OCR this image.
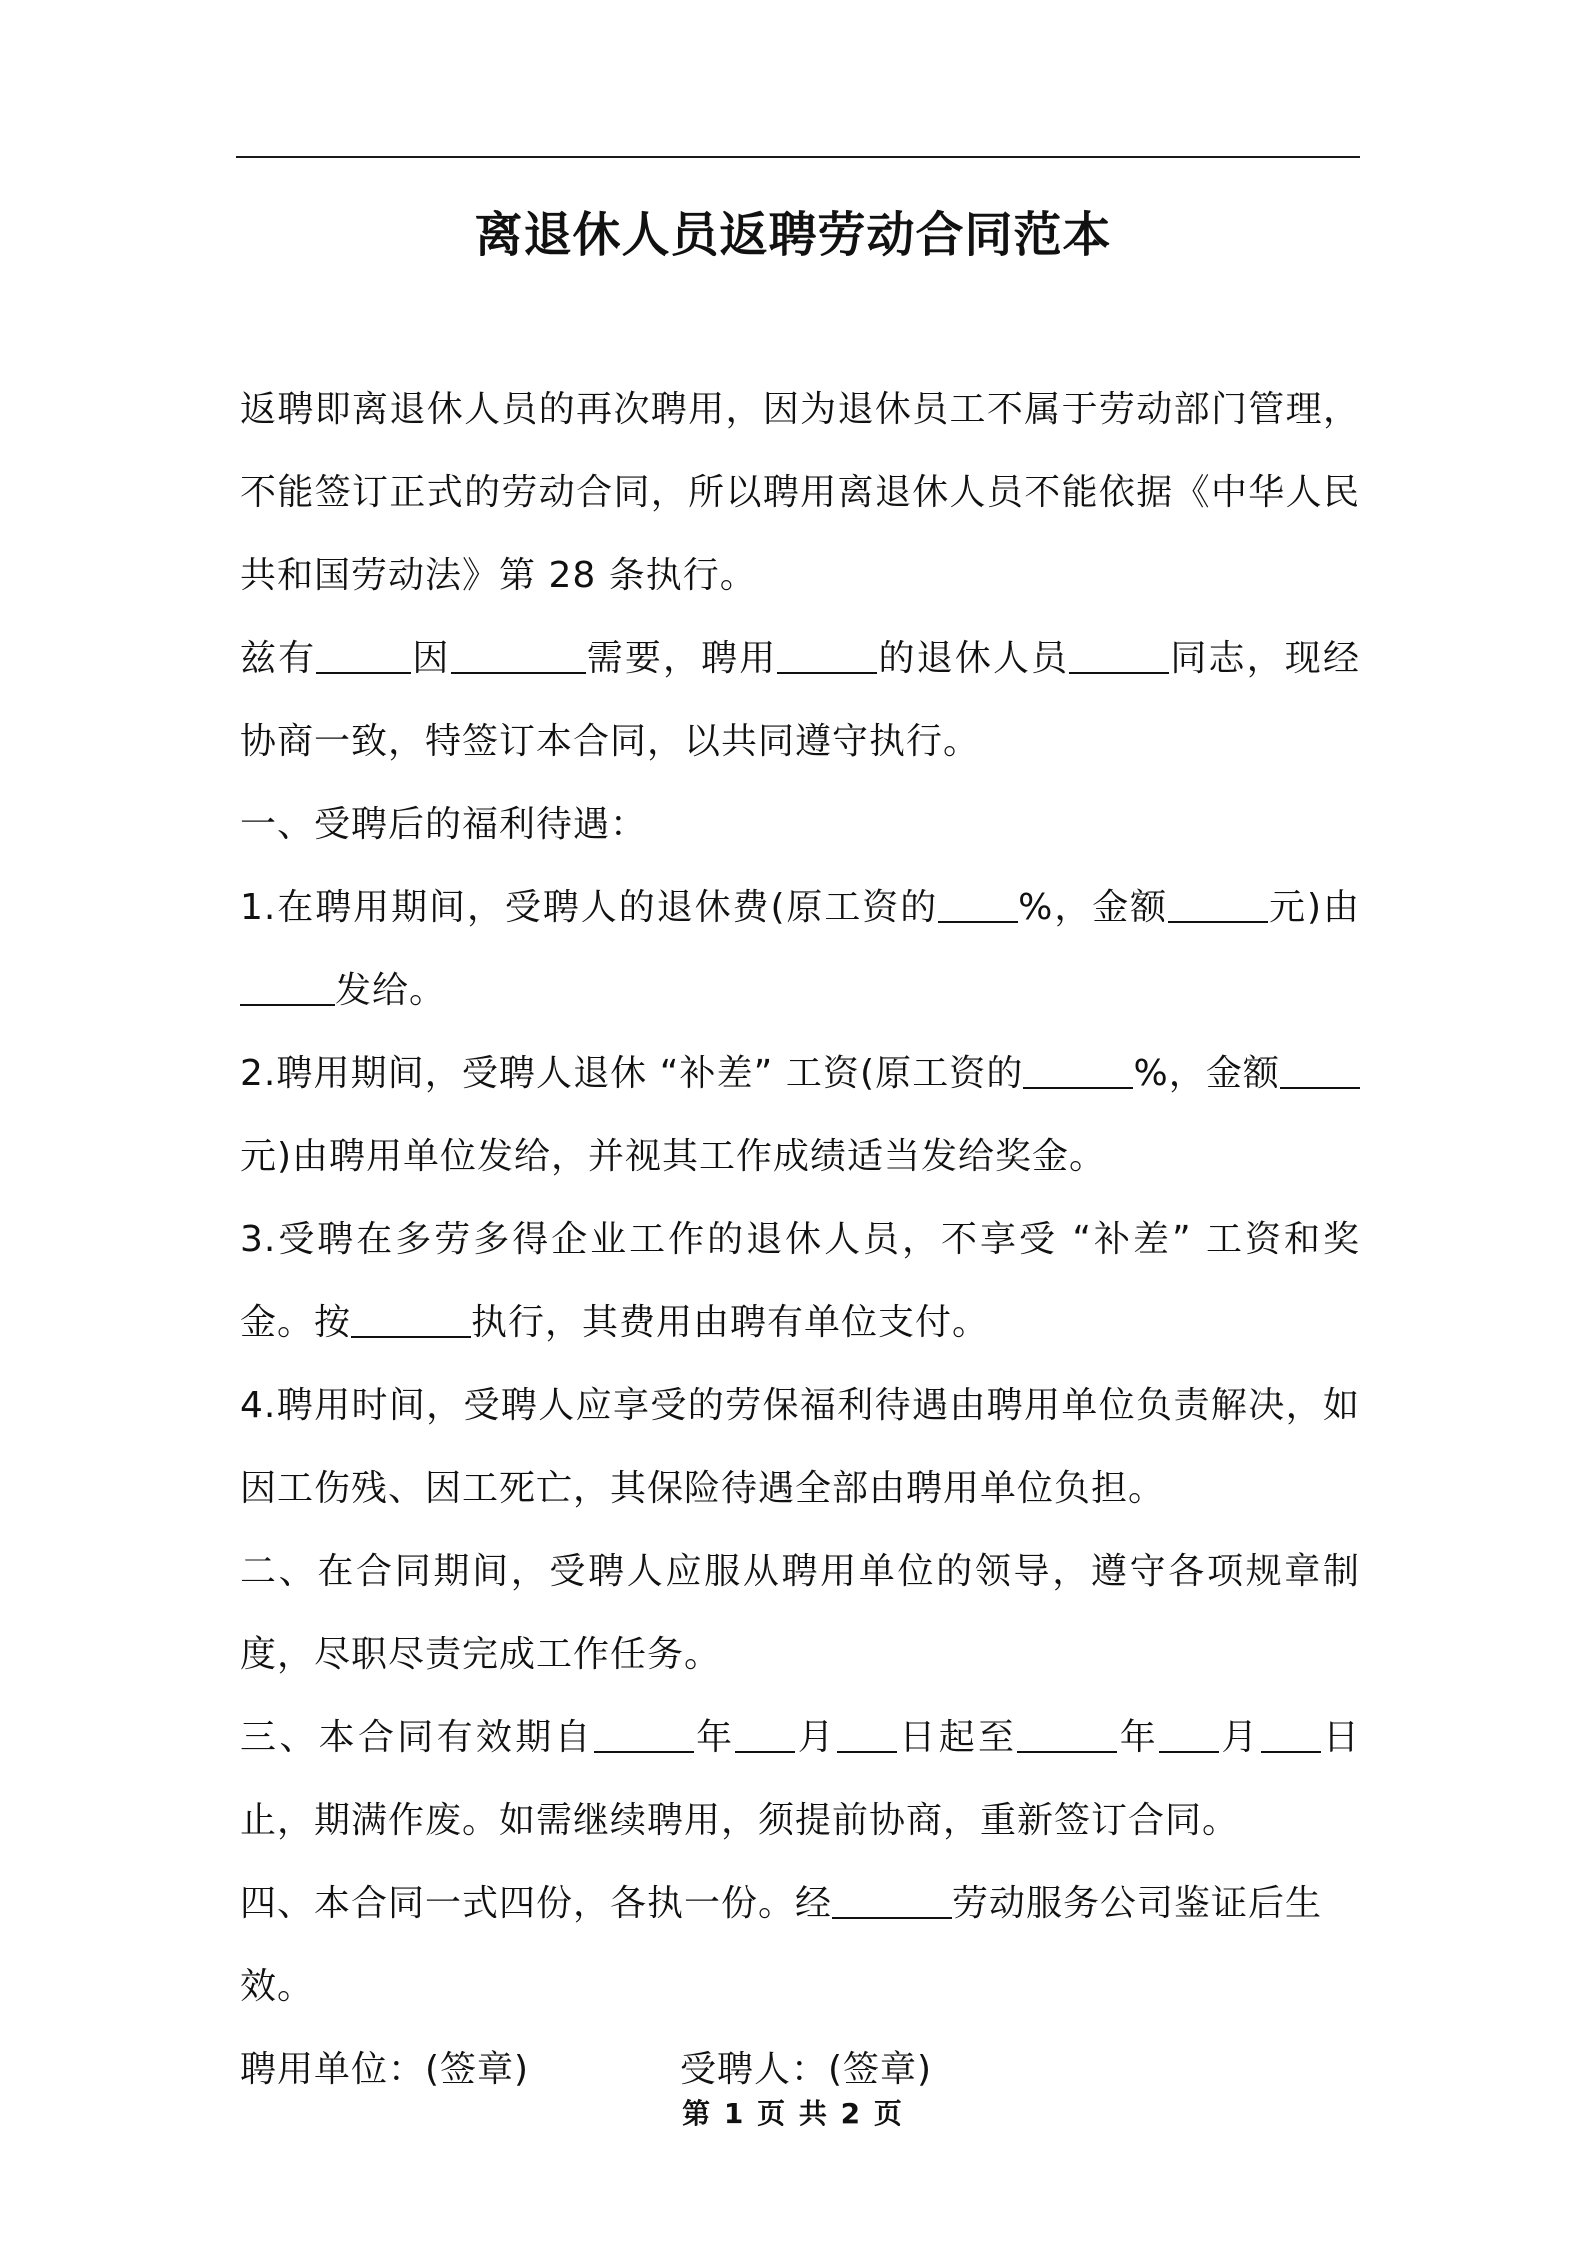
离退休人员返聘劳动合同范本

返聘即离退休人员的再次聘用，因为退休员工不属于劳动部门管理，不能签订正式的劳动合同，所以聘用离退休人员不能依据《中华人民共和国劳动法》第 28 条执行。

兹有	因	需要，聘用	的退休人员	同志，现经协商一致，特签订本合同，以共同遵守执行。

一、受聘后的福利待遇：

1.在聘用期间，受聘人的退休费(原工资的 %，金额	元)由发给。

2.聘用期间，受聘人退休 “补差” 工资(原工资的	%，金额元)由聘用单位发给，并视其工作成绩适当发给奖金。

3.受聘在多劳多得企业工作的退休人员，不享受 “补差” 工资和奖金。按	执行，其费用由聘有单位支付。

4.聘用时间，受聘人应享受的劳保福利待遇由聘用单位负责解决，如因工伤残、因工死亡，其保险待遇全部由聘用单位负担。

二、在合同期间，受聘人应服从聘用单位的领导，遵守各项规章制度，尽职尽责完成工作任务。

三、本合同有效期自	年 月 日起至	年 月 日止，期满作废。如需继续聘用，须提前协商，重新签订合同。

四、本合同一式四份，各执一份。经	劳动服务公司鉴证后生效。

聘用单位：(签章)	受聘人：(签章)
第 1 页 共 2 页
